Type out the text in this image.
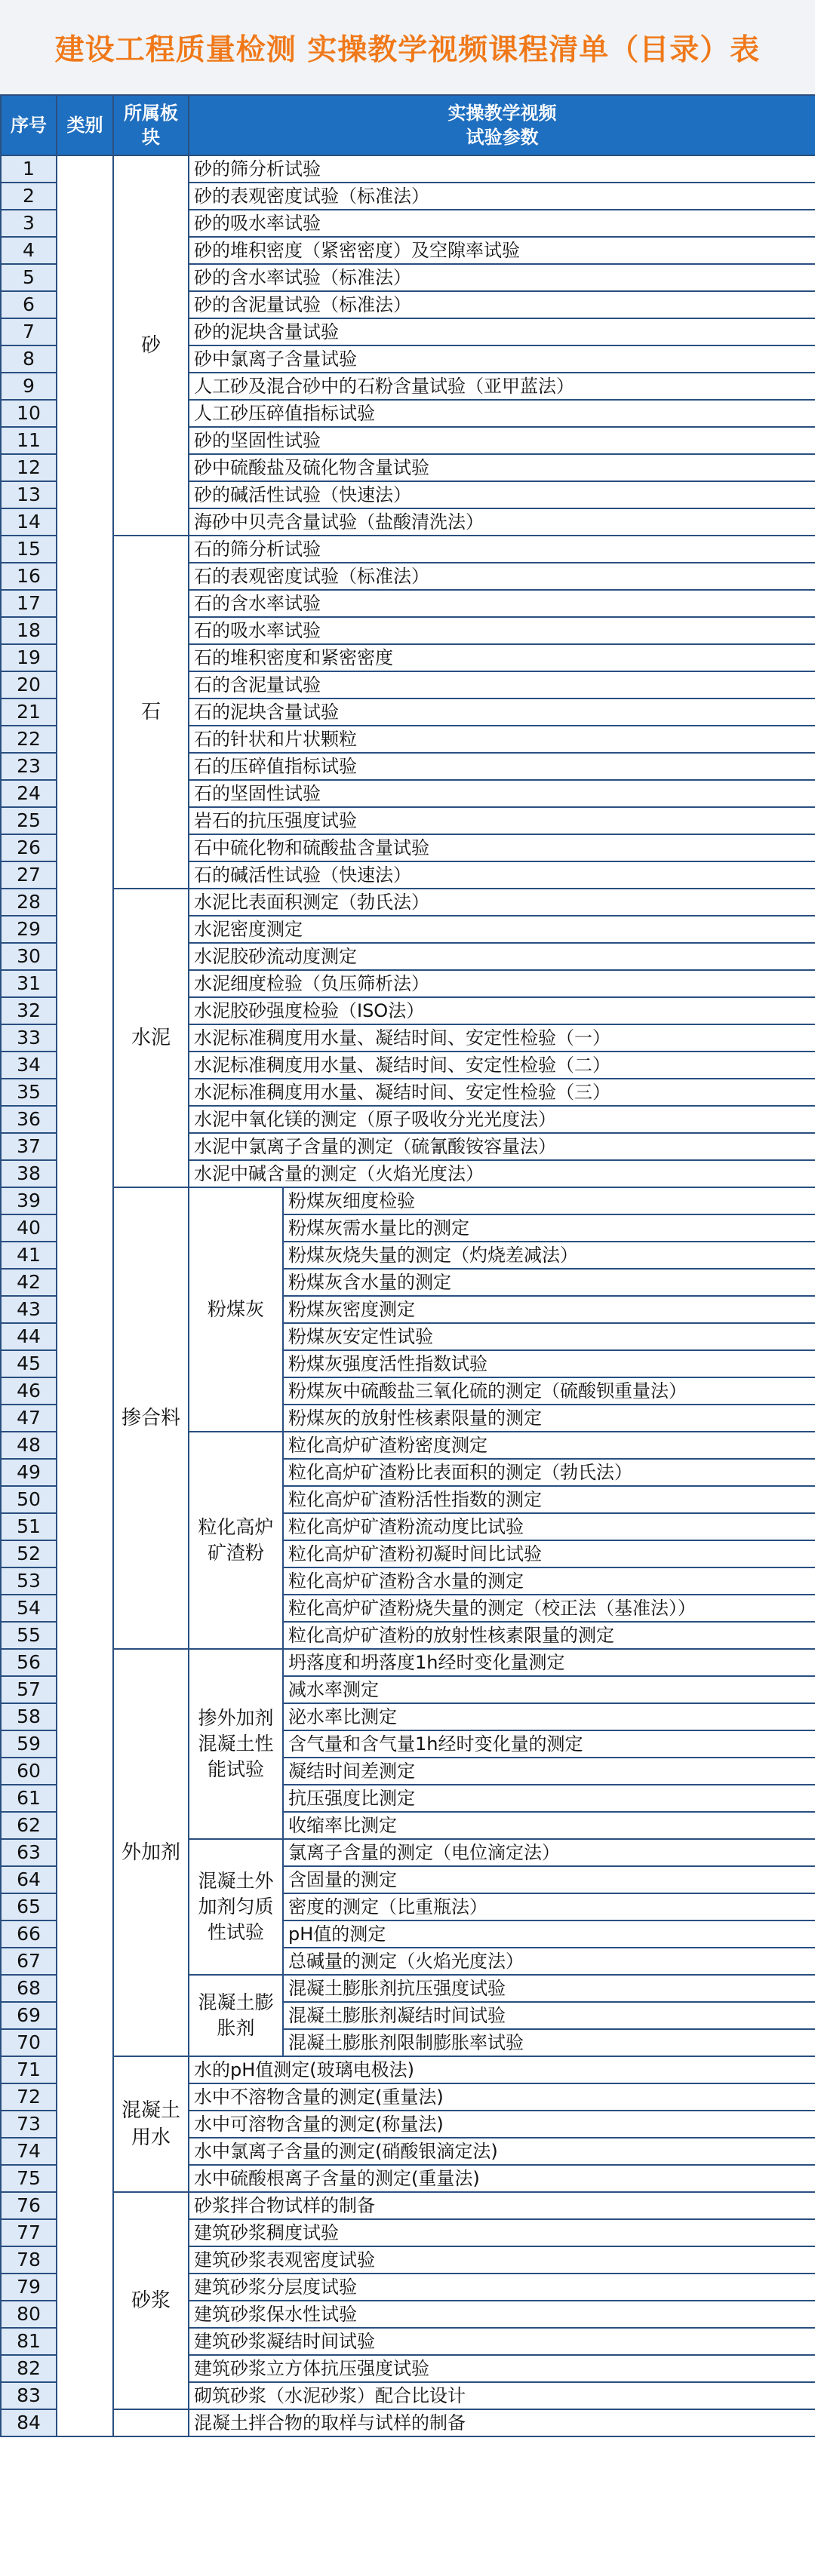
建设工程质量检测 实操教学视频课程清单（目录）表
序号	类别	所属板块	实操教学视频
试验参数	

1		砂	砂的筛分析试验	
2			砂的表观密度试验（标准法）	
3			砂的吸水率试验	
4			砂的堆积密度（紧密密度）及空隙率试验	
5			砂的含水率试验（标准法）	
6			砂的含泥量试验（标准法）	
7			砂的泥块含量试验	
8			砂中氯离子含量试验	
9			人工砂及混合砂中的石粉含量试验（亚甲蓝法）	
10			人工砂压碎值指标试验	
11			砂的坚固性试验	
12			砂中硫酸盐及硫化物含量试验	
13			砂的碱活性试验（快速法）	
14			海砂中贝壳含量试验（盐酸清洗法）	
15		石	石的筛分析试验	
16			石的表观密度试验（标准法）	
17			石的含水率试验	
18			石的吸水率试验	
19			石的堆积密度和紧密密度	
20			石的含泥量试验	
21			石的泥块含量试验	
22			石的针状和片状颗粒	
23			石的压碎值指标试验	
24			石的坚固性试验	
25			岩石的抗压强度试验	
26			石中硫化物和硫酸盐含量试验	
27			石的碱活性试验（快速法）	
28		水泥	水泥比表面积测定（勃氏法）	
29			水泥密度测定	
30			水泥胶砂流动度测定	
31			水泥细度检验（负压筛析法）	
32			水泥胶砂强度检验（ISO法）	
33			水泥标准稠度用水量、凝结时间、安定性检验（一）	
34			水泥标准稠度用水量、凝结时间、安定性检验（二）	
35			水泥标准稠度用水量、凝结时间、安定性检验（三）	
36			水泥中氧化镁的测定（原子吸收分光光度法）	
37			水泥中氯离子含量的测定（硫氰酸铵容量法）	
38			水泥中碱含量的测定（火焰光度法）	
39		掺合料	粉煤灰	粉煤灰细度检验
40				粉煤灰需水量比的测定
41				粉煤灰烧失量的测定（灼烧差减法）
42				粉煤灰含水量的测定
43				粉煤灰密度测定
44				粉煤灰安定性试验
45				粉煤灰强度活性指数试验
46				粉煤灰中硫酸盐三氧化硫的测定（硫酸钡重量法）
47				粉煤灰的放射性核素限量的测定
48			粒化高炉矿渣粉	粒化高炉矿渣粉密度测定
49				粒化高炉矿渣粉比表面积的测定（勃氏法）
50				粒化高炉矿渣粉活性指数的测定
51				粒化高炉矿渣粉流动度比试验
52				粒化高炉矿渣粉初凝时间比试验
53				粒化高炉矿渣粉含水量的测定
54				粒化高炉矿渣粉烧失量的测定（校正法（基准法））
55				粒化高炉矿渣粉的放射性核素限量的测定
56		外加剂	掺外加剂混凝土性能试验	坍落度和坍落度1h经时变化量测定
57				减水率测定
58				泌水率比测定
59				含气量和含气量1h经时变化量的测定
60				凝结时间差测定
61				抗压强度比测定
62				收缩率比测定
63			混凝土外加剂匀质性试验	氯离子含量的测定（电位滴定法）
64				含固量的测定
65				密度的测定（比重瓶法）
66				pH值的测定
67				总碱量的测定（火焰光度法）
68			混凝土膨胀剂	混凝土膨胀剂抗压强度试验
69				混凝土膨胀剂凝结时间试验
70				混凝土膨胀剂限制膨胀率试验
71		混凝土用水	水的pH值测定(玻璃电极法)	
72			水中不溶物含量的测定(重量法)	
73			水中可溶物含量的测定(称量法)	
74			水中氯离子含量的测定(硝酸银滴定法)	
75			水中硫酸根离子含量的测定(重量法)	
76		砂浆	砂浆拌合物试样的制备	
77			建筑砂浆稠度试验	
78			建筑砂浆表观密度试验	
79			建筑砂浆分层度试验	
80			建筑砂浆保水性试验	
81			建筑砂浆凝结时间试验	
82			建筑砂浆立方体抗压强度试验	
83			砌筑砂浆（水泥砂浆）配合比设计	
84			混凝土拌合物的取样与试样的制备	
